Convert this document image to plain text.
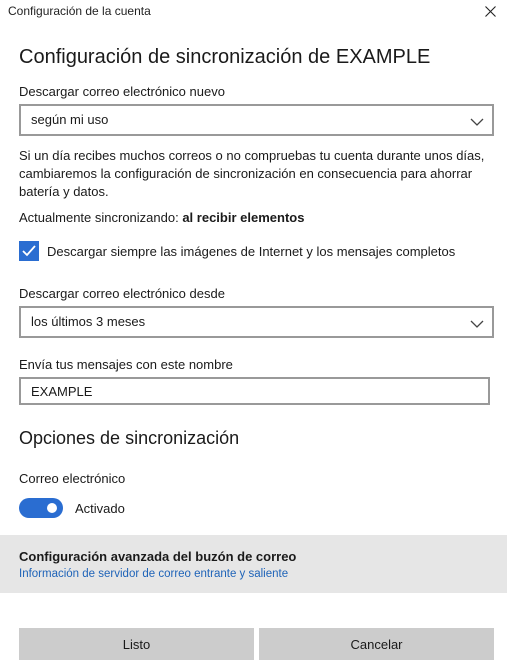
Configuración de la cuenta
Configuración de sincronización de EXAMPLE
Descargar correo electrónico nuevo
según mi uso
Si un día recibes muchos correos o no compruebas tu cuenta durante unos días, cambiaremos la configuración de sincronización en consecuencia para ahorrar batería y datos.
Actualmente sincronizando: al recibir elementos
Descargar siempre las imágenes de Internet y los mensajes completos
Descargar correo electrónico desde
los últimos 3 meses
Envía tus mensajes con este nombre
EXAMPLE
Opciones de sincronización
Correo electrónico
Activado
Configuración avanzada del buzón de correo
Información de servidor de correo entrante y saliente
Listo	Cancelar
